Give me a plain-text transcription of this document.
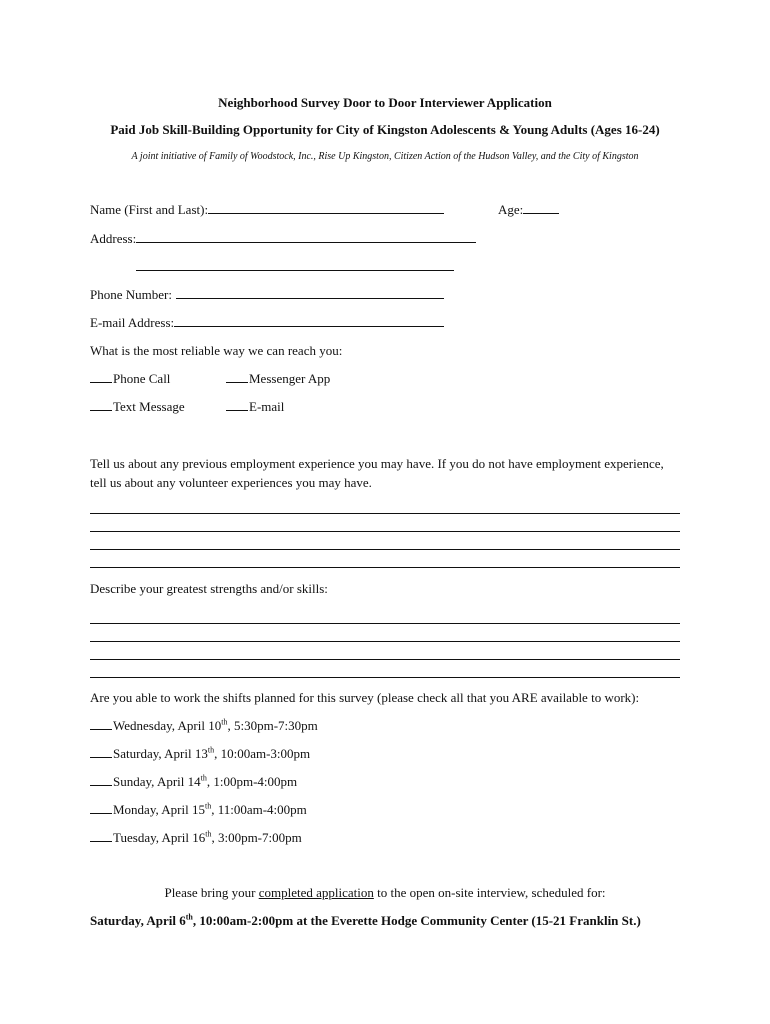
Neighborhood Survey Door to Door Interviewer Application
Paid Job Skill-Building Opportunity for City of Kingston Adolescents & Young Adults (Ages 16-24)
A joint initiative of Family of Woodstock, Inc., Rise Up Kingston, Citizen Action of the Hudson Valley, and the City of Kingston
Name (First and Last):	Age:
Address:
Phone Number:
E-mail Address:
What is the most reliable way we can reach you:
Phone Call	Messenger App
Text Message	E-mail
Tell us about any previous employment experience you may have. If you do not have employment experience, tell us about any volunteer experiences you may have.
Describe your greatest strengths and/or skills:
Are you able to work the shifts planned for this survey (please check all that you ARE available to work):
Wednesday, April 10th, 5:30pm-7:30pm
Saturday, April 13th, 10:00am-3:00pm
Sunday, April 14th, 1:00pm-4:00pm
Monday, April 15th, 11:00am-4:00pm
Tuesday, April 16th, 3:00pm-7:00pm
Please bring your completed application to the open on-site interview, scheduled for:
Saturday, April 6th, 10:00am-2:00pm at the Everette Hodge Community Center (15-21 Franklin St.)
